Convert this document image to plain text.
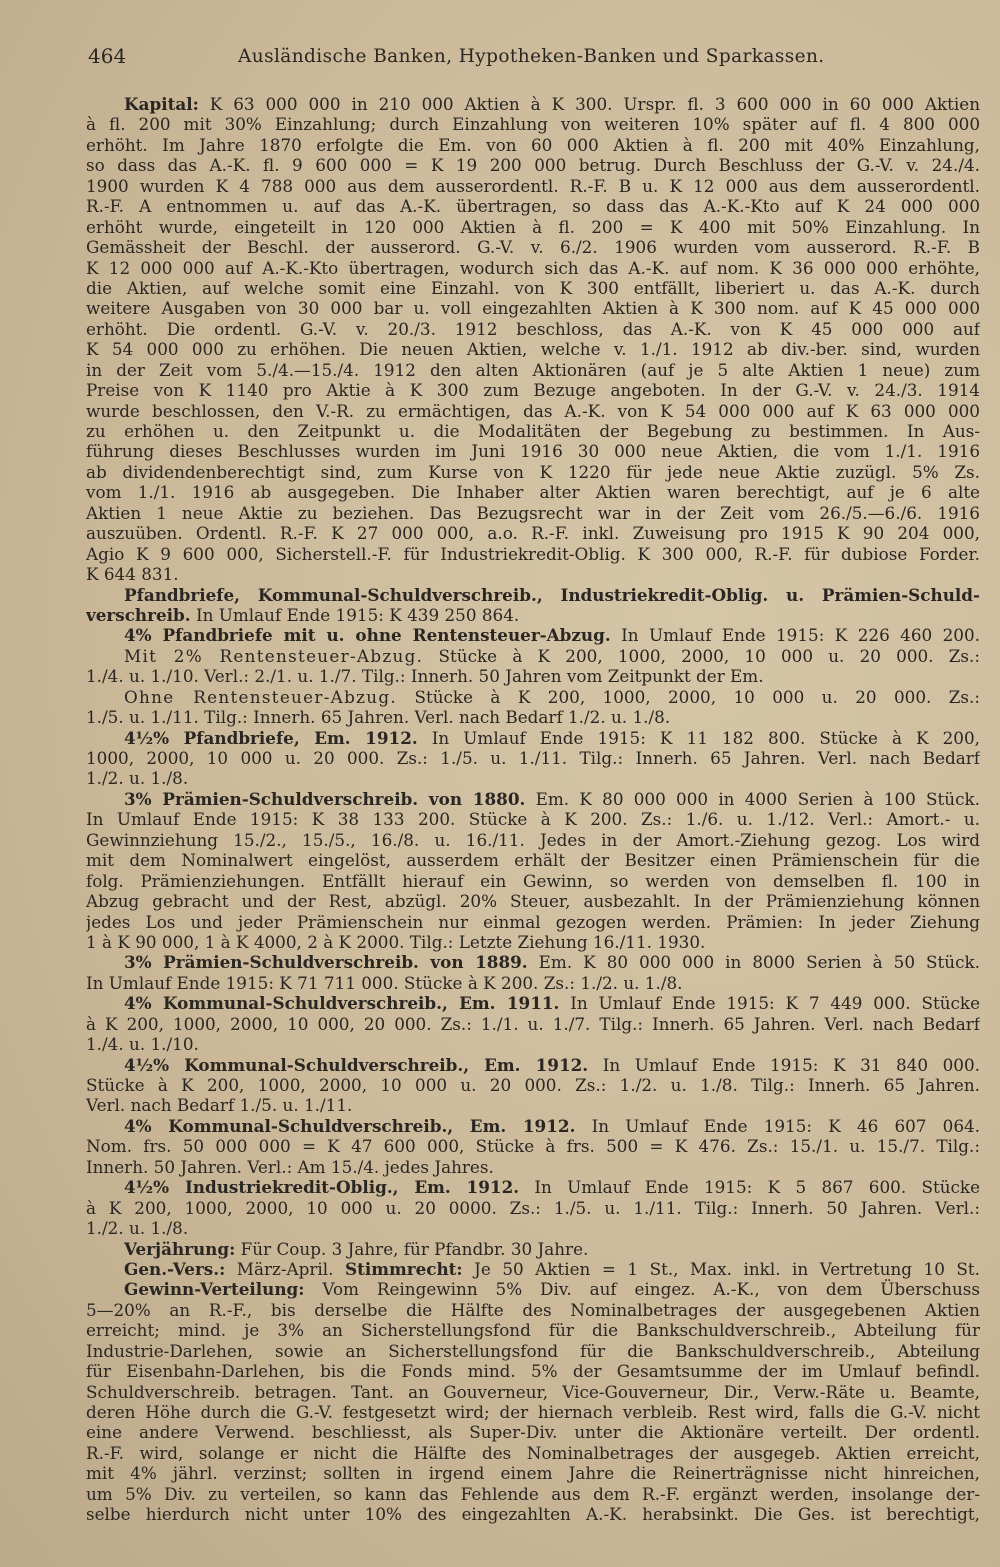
464	Ausländische Banken, Hypotheken-Banken und Sparkassen.
Kapital: K 63 000 000 in 210 000 Aktien à K 300. Urspr. fl. 3 600 000 in 60 000 Aktien
à fl. 200 mit 30% Einzahlung; durch Einzahlung von weiteren 10% später auf fl. 4 800 000
erhöht. Im Jahre 1870 erfolgte die Em. von 60 000 Aktien à fl. 200 mit 40% Einzahlung,
so dass das A.-K. fl. 9 600 000 = K 19 200 000 betrug. Durch Beschluss der G.-V. v. 24./4.
1900 wurden K 4 788 000 aus dem ausserordentl. R.-F. B u. K 12 000 aus dem ausserordentl.
R.-F. A entnommen u. auf das A.-K. übertragen, so dass das A.-K.-Kto auf K 24 000 000
erhöht wurde, eingeteilt in 120 000 Aktien à fl. 200 = K 400 mit 50% Einzahlung. In
Gemässheit der Beschl. der ausserord. G.-V. v. 6./2. 1906 wurden vom ausserord. R.-F. B
K 12 000 000 auf A.-K.-Kto übertragen, wodurch sich das A.-K. auf nom. K 36 000 000 erhöhte,
die Aktien, auf welche somit eine Einzahl. von K 300 entfällt, liberiert u. das A.-K. durch
weitere Ausgaben von 30 000 bar u. voll eingezahlten Aktien à K 300 nom. auf K 45 000 000
erhöht. Die ordentl. G.-V. v. 20./3. 1912 beschloss, das A.-K. von K 45 000 000 auf
K 54 000 000 zu erhöhen. Die neuen Aktien, welche v. 1./1. 1912 ab div.-ber. sind, wurden
in der Zeit vom 5./4.—15./4. 1912 den alten Aktionären (auf je 5 alte Aktien 1 neue) zum
Preise von K 1140 pro Aktie à K 300 zum Bezuge angeboten. In der G.-V. v. 24./3. 1914
wurde beschlossen, den V.-R. zu ermächtigen, das A.-K. von K 54 000 000 auf K 63 000 000
zu erhöhen u. den Zeitpunkt u. die Modalitäten der Begebung zu bestimmen. In Aus-
führung dieses Beschlusses wurden im Juni 1916 30 000 neue Aktien, die vom 1./1. 1916
ab dividendenberechtigt sind, zum Kurse von K 1220 für jede neue Aktie zuzügl. 5% Zs.
vom 1./1. 1916 ab ausgegeben. Die Inhaber alter Aktien waren berechtigt, auf je 6 alte
Aktien 1 neue Aktie zu beziehen. Das Bezugsrecht war in der Zeit vom 26./5.—6./6. 1916
auszuüben. Ordentl. R.-F. K 27 000 000, a.o. R.-F. inkl. Zuweisung pro 1915 K 90 204 000,
Agio K 9 600 000, Sicherstell.-F. für Industriekredit-Oblig. K 300 000, R.-F. für dubiose Forder.
K 644 831.
Pfandbriefe, Kommunal-Schuldverschreib., Industriekredit-Oblig. u. Prämien-Schuld-
verschreib. In Umlauf Ende 1915: K 439 250 864.
4% Pfandbriefe mit u. ohne Rentensteuer-Abzug. In Umlauf Ende 1915: K 226 460 200.
Mit 2% Rentensteuer-Abzug. Stücke à K 200, 1000, 2000, 10 000 u. 20 000. Zs.:
1./4. u. 1./10. Verl.: 2./1. u. 1./7. Tilg.: Innerh. 50 Jahren vom Zeitpunkt der Em.
Ohne Rentensteuer-Abzug. Stücke à K 200, 1000, 2000, 10 000 u. 20 000. Zs.:
1./5. u. 1./11. Tilg.: Innerh. 65 Jahren. Verl. nach Bedarf 1./2. u. 1./8.
4½% Pfandbriefe, Em. 1912. In Umlauf Ende 1915: K 11 182 800. Stücke à K 200,
1000, 2000, 10 000 u. 20 000. Zs.: 1./5. u. 1./11. Tilg.: Innerh. 65 Jahren. Verl. nach Bedarf
1./2. u. 1./8.
3% Prämien-Schuldverschreib. von 1880. Em. K 80 000 000 in 4000 Serien à 100 Stück.
In Umlauf Ende 1915: K 38 133 200. Stücke à K 200. Zs.: 1./6. u. 1./12. Verl.: Amort.- u.
Gewinnziehung 15./2., 15./5., 16./8. u. 16./11. Jedes in der Amort.-Ziehung gezog. Los wird
mit dem Nominalwert eingelöst, ausserdem erhält der Besitzer einen Prämienschein für die
folg. Prämienziehungen. Entfällt hierauf ein Gewinn, so werden von demselben fl. 100 in
Abzug gebracht und der Rest, abzügl. 20% Steuer, ausbezahlt. In der Prämienziehung können
jedes Los und jeder Prämienschein nur einmal gezogen werden. Prämien: In jeder Ziehung
1 à K 90 000, 1 à K 4000, 2 à K 2000. Tilg.: Letzte Ziehung 16./11. 1930.
3% Prämien-Schuldverschreib. von 1889. Em. K 80 000 000 in 8000 Serien à 50 Stück.
In Umlauf Ende 1915: K 71 711 000. Stücke à K 200. Zs.: 1./2. u. 1./8.
4% Kommunal-Schuldverschreib., Em. 1911. In Umlauf Ende 1915: K 7 449 000. Stücke
à K 200, 1000, 2000, 10 000, 20 000. Zs.: 1./1. u. 1./7. Tilg.: Innerh. 65 Jahren. Verl. nach Bedarf
1./4. u. 1./10.
4½% Kommunal-Schuldverschreib., Em. 1912. In Umlauf Ende 1915: K 31 840 000.
Stücke à K 200, 1000, 2000, 10 000 u. 20 000. Zs.: 1./2. u. 1./8. Tilg.: Innerh. 65 Jahren.
Verl. nach Bedarf 1./5. u. 1./11.
4% Kommunal-Schuldverschreib., Em. 1912. In Umlauf Ende 1915: K 46 607 064.
Nom. frs. 50 000 000 = K 47 600 000, Stücke à frs. 500 = K 476. Zs.: 15./1. u. 15./7. Tilg.:
Innerh. 50 Jahren. Verl.: Am 15./4. jedes Jahres.
4½% Industriekredit-Oblig., Em. 1912. In Umlauf Ende 1915: K 5 867 600. Stücke
à K 200, 1000, 2000, 10 000 u. 20 0000. Zs.: 1./5. u. 1./11. Tilg.: Innerh. 50 Jahren. Verl.:
1./2. u. 1./8.
Verjährung: Für Coup. 3 Jahre, für Pfandbr. 30 Jahre.
Gen.-Vers.: März-April. Stimmrecht: Je 50 Aktien = 1 St., Max. inkl. in Vertretung 10 St.
Gewinn-Verteilung: Vom Reingewinn 5% Div. auf eingez. A.-K., von dem Überschuss
5—20% an R.-F., bis derselbe die Hälfte des Nominalbetrages der ausgegebenen Aktien
erreicht; mind. je 3% an Sicherstellungsfond für die Bankschuldverschreib., Abteilung für
Industrie-Darlehen, sowie an Sicherstellungsfond für die Bankschuldverschreib., Abteilung
für Eisenbahn-Darlehen, bis die Fonds mind. 5% der Gesamtsumme der im Umlauf befindl.
Schuldverschreib. betragen. Tant. an Gouverneur, Vice-Gouverneur, Dir., Verw.-Räte u. Beamte,
deren Höhe durch die G.-V. festgesetzt wird; der hiernach verbleib. Rest wird, falls die G.-V. nicht
eine andere Verwend. beschliesst, als Super-Div. unter die Aktionäre verteilt. Der ordentl.
R.-F. wird, solange er nicht die Hälfte des Nominalbetrages der ausgegeb. Aktien erreicht,
mit 4% jährl. verzinst; sollten in irgend einem Jahre die Reinerträgnisse nicht hinreichen,
um 5% Div. zu verteilen, so kann das Fehlende aus dem R.-F. ergänzt werden, insolange der-
selbe hierdurch nicht unter 10% des eingezahlten A.-K. herabsinkt. Die Ges. ist berechtigt,
